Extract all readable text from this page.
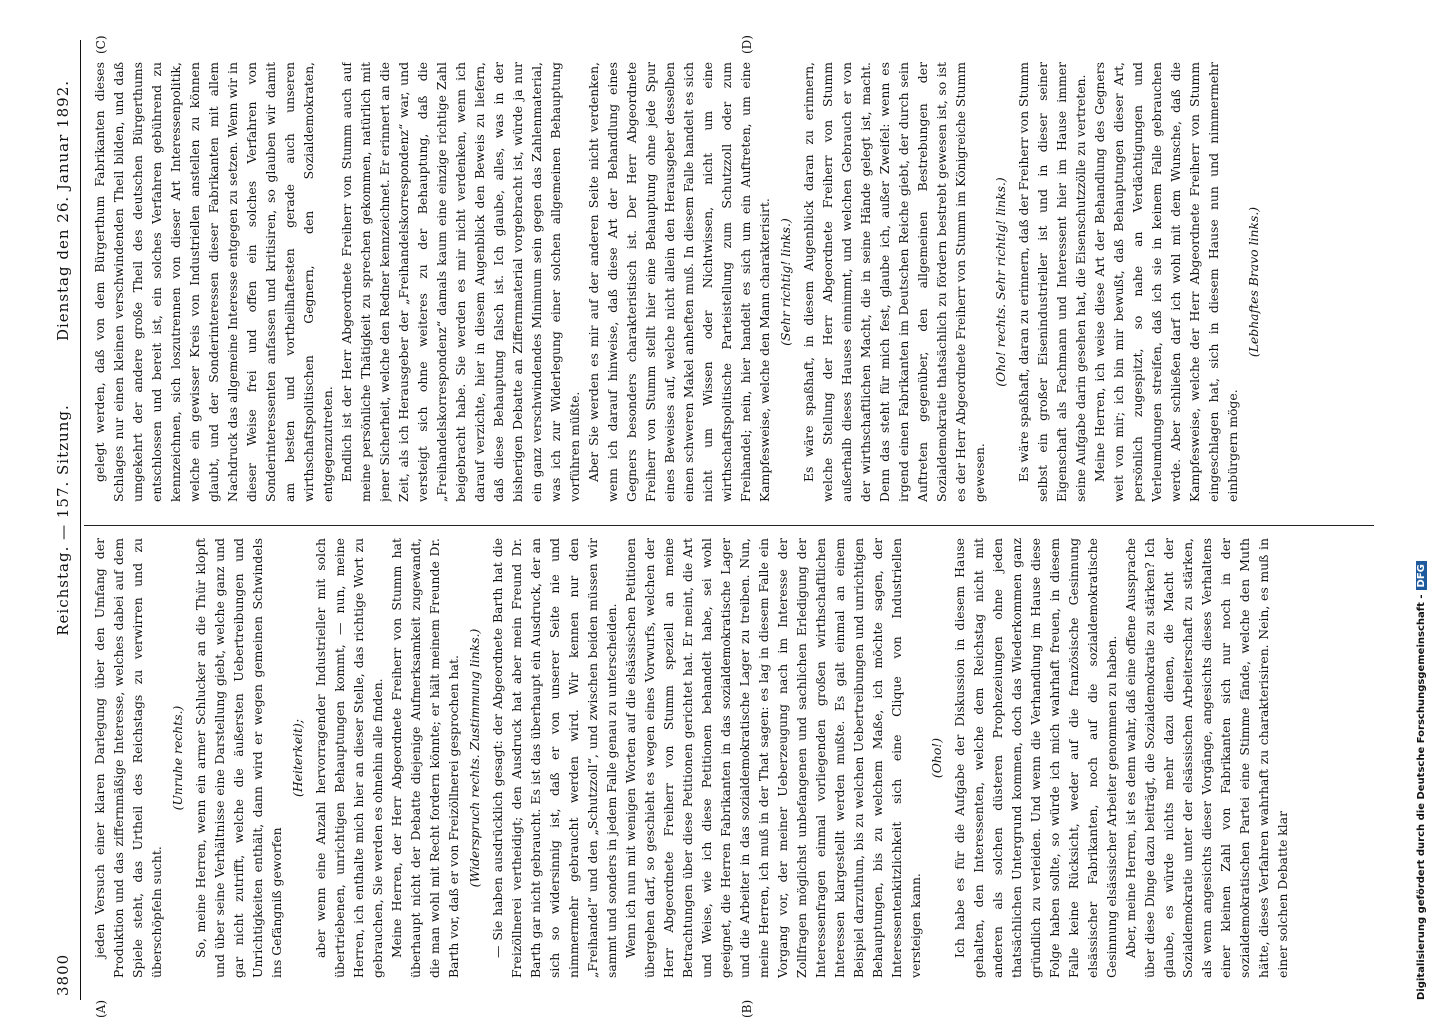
3800
Reichstag. — 157. Sitzung.
Dienstag den 26. Januar 1892.
(A)	(B)
(C)	(D)

jeden Versuch einer klaren Darlegung über den Umfang der Produktion und das ziffernmäßige Interesse, welches dabei auf dem Spiele steht, das Urtheil des Reichstags zu verwirren und zu überschöpfeln sucht.

(Unruhe rechts.) So, meine Herren, wenn ein armer Schlucker an die Thür klopft und über seine Verhältnisse eine Darstellung giebt, welche ganz und gar nicht zutrifft, welche die äußersten Uebertreibungen und Unrichtigkeiten enthält, dann wird er wegen gemeinen Schwindels ins Gefängniß geworfen

(Heiterkeit); aber wenn eine Anzahl hervorragender Industrieller mit solch übertriebenen, unrichtigen Behauptungen kommt, — nun, meine Herren, ich enthalte mich hier an dieser Stelle, das richtige Wort zu gebrauchen, Sie werden es ohnehin alle finden. Meine Herren, der Herr Abgeordnete Freiherr von Stumm hat überhaupt nicht der Debatte diejenige Aufmerksamkeit zugewandt, die man wohl mit Recht fordern könnte; er hält meinem Freunde Dr. Barth vor, daß er von Freizöllnerei gesprochen hat. (Widerspruch rechts. Zustimmung links.) — Sie haben ausdrücklich gesagt: der Abgeordnete Barth hat die Freizöllnerei vertheidigt; den Ausdruck hat aber mein Freund Dr. Barth gar nicht gebraucht. Es ist das überhaupt ein Ausdruck, der an sich so widersinnig ist, daß er von unserer Seite nie und nimmermehr gebraucht werden wird. Wir kennen nur den „Freihandel“ und den „Schutzzoll“, und zwischen beiden müssen wir sammt und sonders in jedem Falle genau zu unterscheiden. Wenn ich nun mit wenigen Worten auf die elsässischen Petitionen übergehen darf, so geschieht es wegen eines Vorwurfs, welchen der Herr Abgeordnete Freiherr von Stumm speziell an meine Betrachtungen über diese Petitionen gerichtet hat. Er meint, die Art und Weise, wie ich diese Petitionen behandelt habe, sei wohl geeignet, die Herren Fabrikanten in das sozialdemokratische Lager und die Arbeiter in das sozialdemokratische Lager zu treiben. Nun, meine Herren, ich muß in der That sagen: es lag in diesem Falle ein Vorgang vor, der meiner Ueberzeugung nach im Interesse der Zollfragen möglichst unbefangenen und sachlichen Erledigung der Interessenfragen einmal vorliegenden großen wirthschaftlichen Interessen klargestellt werden mußte. Es galt einmal an einem Beispiel darzuthun, bis zu welchen Uebertreibungen und unrichtigen Behauptungen, bis zu welchem Maße, ich möchte sagen, der Interessentenkitzlichkeit sich eine Clique von Industriellen versteigen kann.

(Oho!) Ich habe es für die Aufgabe der Diskussion in diesem Hause gehalten, den Interessenten, welche dem Reichstag nicht mit anderen als solchen düsteren Prophezeiungen ohne jeden thatsächlichen Untergrund kommen, doch das Wiederkommen ganz gründlich zu verleiden. Und wenn die Verhandlung im Hause diese Folge haben sollte, so würde ich mich wahrhaft freuen, in diesem Falle keine Rücksicht, weder auf die französische Gesinnung elsässischer Fabrikanten, noch auf die sozialdemokratische Gesinnung elsässischer Arbeiter genommen zu haben. Aber, meine Herren, ist es denn wahr, daß eine offene Aussprache über diese Dinge dazu beiträgt, die Sozialdemokratie zu stärken? Ich glaube, es würde nichts mehr dazu dienen, die Macht der Sozialdemokratie unter der elsässischen Arbeiterschaft zu stärken, als wenn angesichts dieser Vorgänge, angesichts dieses Verhaltens einer kleinen Zahl von Fabrikanten sich nur noch in der sozialdemokratischen Partei eine Stimme fände, welche den Muth hätte, dieses Verfahren wahrhaft zu charakterisiren. Nein, es muß in einer solchen Debatte klar

gelegt werden, daß von dem Bürgerthum Fabrikanten dieses Schlages nur einen kleinen verschwindenden Theil bilden, und daß umgekehrt der andere große Theil des deutschen Bürgerthums entschlossen und bereit ist, ein solches Verfahren gebührend zu kennzeichnen, sich loszutrennen von dieser Art Interessenpolitik, welche ein gewisser Kreis von Industriellen anstellen zu können glaubt, und der Sonderinteressen dieser Fabrikanten mit allem Nachdruck das allgemeine Interesse entgegen zu setzen. Wenn wir in dieser Weise frei und offen ein solches Verfahren von Sonderinteressenten anfassen und kritisiren, so glauben wir damit am besten und vortheilhaftesten gerade auch unseren wirthschaftspolitischen Gegnern, den Sozialdemokraten, entgegenzutreten. Endlich ist der Herr Abgeordnete Freiherr von Stumm auch auf meine persönliche Thätigkeit zu sprechen gekommen, natürlich mit jener Sicherheit, welche den Redner kennzeichnet. Er erinnert an die Zeit, als ich Herausgeber der „Freihandelskorrespondenz“ war, und versteigt sich ohne weiteres zu der Behauptung, daß die „Freihandelskorrespondenz“ damals kaum eine einzige richtige Zahl beigebracht habe. Sie werden es mir nicht verdenken, wenn ich darauf verzichte, hier in diesem Augenblick den Beweis zu liefern, daß diese Behauptung falsch ist. Ich glaube, alles, was in der bisherigen Debatte an Ziffernmaterial vorgebracht ist, würde ja nur ein ganz verschwindendes Minimum sein gegen das Zahlenmaterial, was ich zur Widerlegung einer solchen allgemeinen Behauptung vorführen müßte. Aber Sie werden es mir auf der anderen Seite nicht verdenken, wenn ich darauf hinweise, daß diese Art der Behandlung eines Gegners besonders charakteristisch ist. Der Herr Abgeordnete Freiherr von Stumm stellt hier eine Behauptung ohne jede Spur eines Beweises auf, welche nicht allein den Herausgeber desselben einen schweren Makel anheften muß. In diesem Falle handelt es sich nicht um Wissen oder Nichtwissen, nicht um eine wirthschaftspolitische Parteistellung zum Schutzzoll oder zum Freihandel; nein, hier handelt es sich um ein Auftreten, um eine Kampfesweise, welche den Mann charakterisirt. (Sehr richtig! links.) Es wäre spaßhaft, in diesem Augenblick daran zu erinnern, welche Stellung der Herr Abgeordnete Freiherr von Stumm außerhalb dieses Hauses einnimmt, und welchen Gebrauch er von der wirthschaftlichen Macht, die in seine Hände gelegt ist, macht. Denn das steht für mich fest, glaube ich, außer Zweifel: wenn es irgend einen Fabrikanten im Deutschen Reiche giebt, der durch sein Auftreten gegenüber, den allgemeinen Bestrebungen der Sozialdemokratie thatsächlich zu fördern bestrebt gewesen ist, so ist es der Herr Abgeordnete Freiherr von Stumm im Königreiche Stumm gewesen.

(Oho! rechts. Sehr richtig! links.) Es wäre spaßhaft, daran zu erinnern, daß der Freiherr von Stumm selbst ein großer Eisenindustrieller ist und in dieser seiner Eigenschaft als Fachmann und Interessent hier im Hause immer seine Aufgabe darin gesehen hat, die Eisenschutzzölle zu vertreten. Meine Herren, ich weise diese Art der Behandlung des Gegners weit von mir; ich bin mir bewußt, daß Behauptungen dieser Art, persönlich zugespitzt, so nahe an Verdächtigungen und Verleumdungen streifen, daß ich sie in keinem Falle gebrauchen werde. Aber schließen darf ich wohl mit dem Wunsche, daß die Kampfesweise, welche der Herr Abgeordnete Freiherr von Stumm eingeschlagen hat, sich in diesem Hause nun und nimmermehr einbürgern möge.

(Lebhaftes Bravo links.)

Digitalisierung gefördert durch die Deutsche Forschungsgemeinschaft -DFG
